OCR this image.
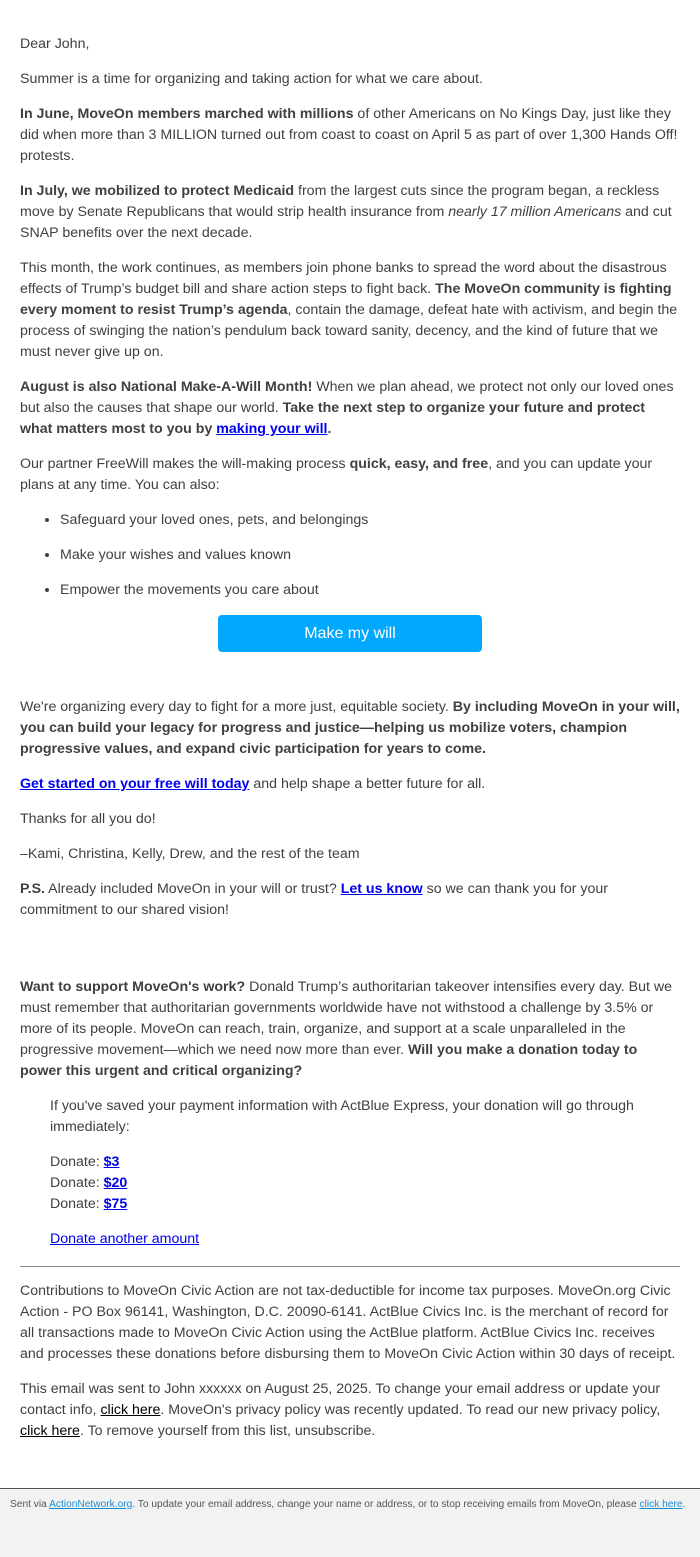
Dear John,

Summer is a time for organizing and taking action for what we care about.

In June, MoveOn members marched with millions of other Americans on No Kings Day, just like they did when more than 3 MILLION turned out from coast to coast on April 5 as part of over 1,300 Hands Off! protests.

In July, we mobilized to protect Medicaid from the largest cuts since the program began, a reckless move by Senate Republicans that would strip health insurance from nearly 17 million Americans and cut SNAP benefits over the next decade.

This month, the work continues, as members join phone banks to spread the word about the disastrous effects of Trump’s budget bill and share action steps to fight back. The MoveOn community is fighting every moment to resist Trump’s agenda, contain the damage, defeat hate with activism, and begin the process of swinging the nation’s pendulum back toward sanity, decency, and the kind of future that we must never give up on.

August is also National Make-A-Will Month! When we plan ahead, we protect not only our loved ones but also the causes that shape our world. Take the next step to organize your future and protect what matters most to you by making your will.

Our partner FreeWill makes the will-making process quick, easy, and free, and you can update your plans at any time. You can also:

• Safeguard your loved ones, pets, and belongings
• Make your wishes and values known
• Empower the movements you care about
Make my will

We're organizing every day to fight for a more just, equitable society. By including MoveOn in your will, you can build your legacy for progress and justice—helping us mobilize voters, champion progressive values, and expand civic participation for years to come.

Get started on your free will today and help shape a better future for all.

Thanks for all you do!

–Kami, Christina, Kelly, Drew, and the rest of the team

P.S. Already included MoveOn in your will or trust? Let us know so we can thank you for your commitment to our shared vision!

Want to support MoveOn's work? Donald Trump’s authoritarian takeover intensifies every day. But we must remember that authoritarian governments worldwide have not withstood a challenge by 3.5% or more of its people. MoveOn can reach, train, organize, and support at a scale unparalleled in the progressive movement—which we need now more than ever. Will you make a donation today to power this urgent and critical organizing?

If you've saved your payment information with ActBlue Express, your donation will go through immediately:

Donate: $3
Donate: $20
Donate: $75

Donate another amount

Contributions to MoveOn Civic Action are not tax-deductible for income tax purposes. MoveOn.org Civic Action - PO Box 96141, Washington, D.C. 20090-6141. ActBlue Civics Inc. is the merchant of record for all transactions made to MoveOn Civic Action using the ActBlue platform. ActBlue Civics Inc. receives and processes these donations before disbursing them to MoveOn Civic Action within 30 days of receipt.

This email was sent to John xxxxxx on August 25, 2025. To change your email address or update your contact info, click here. MoveOn's privacy policy was recently updated. To read our new privacy policy, click here. To remove yourself from this list, unsubscribe.

Sent via ActionNetwork.org. To update your email address, change your name or address, or to stop receiving emails from MoveOn, please click here.
